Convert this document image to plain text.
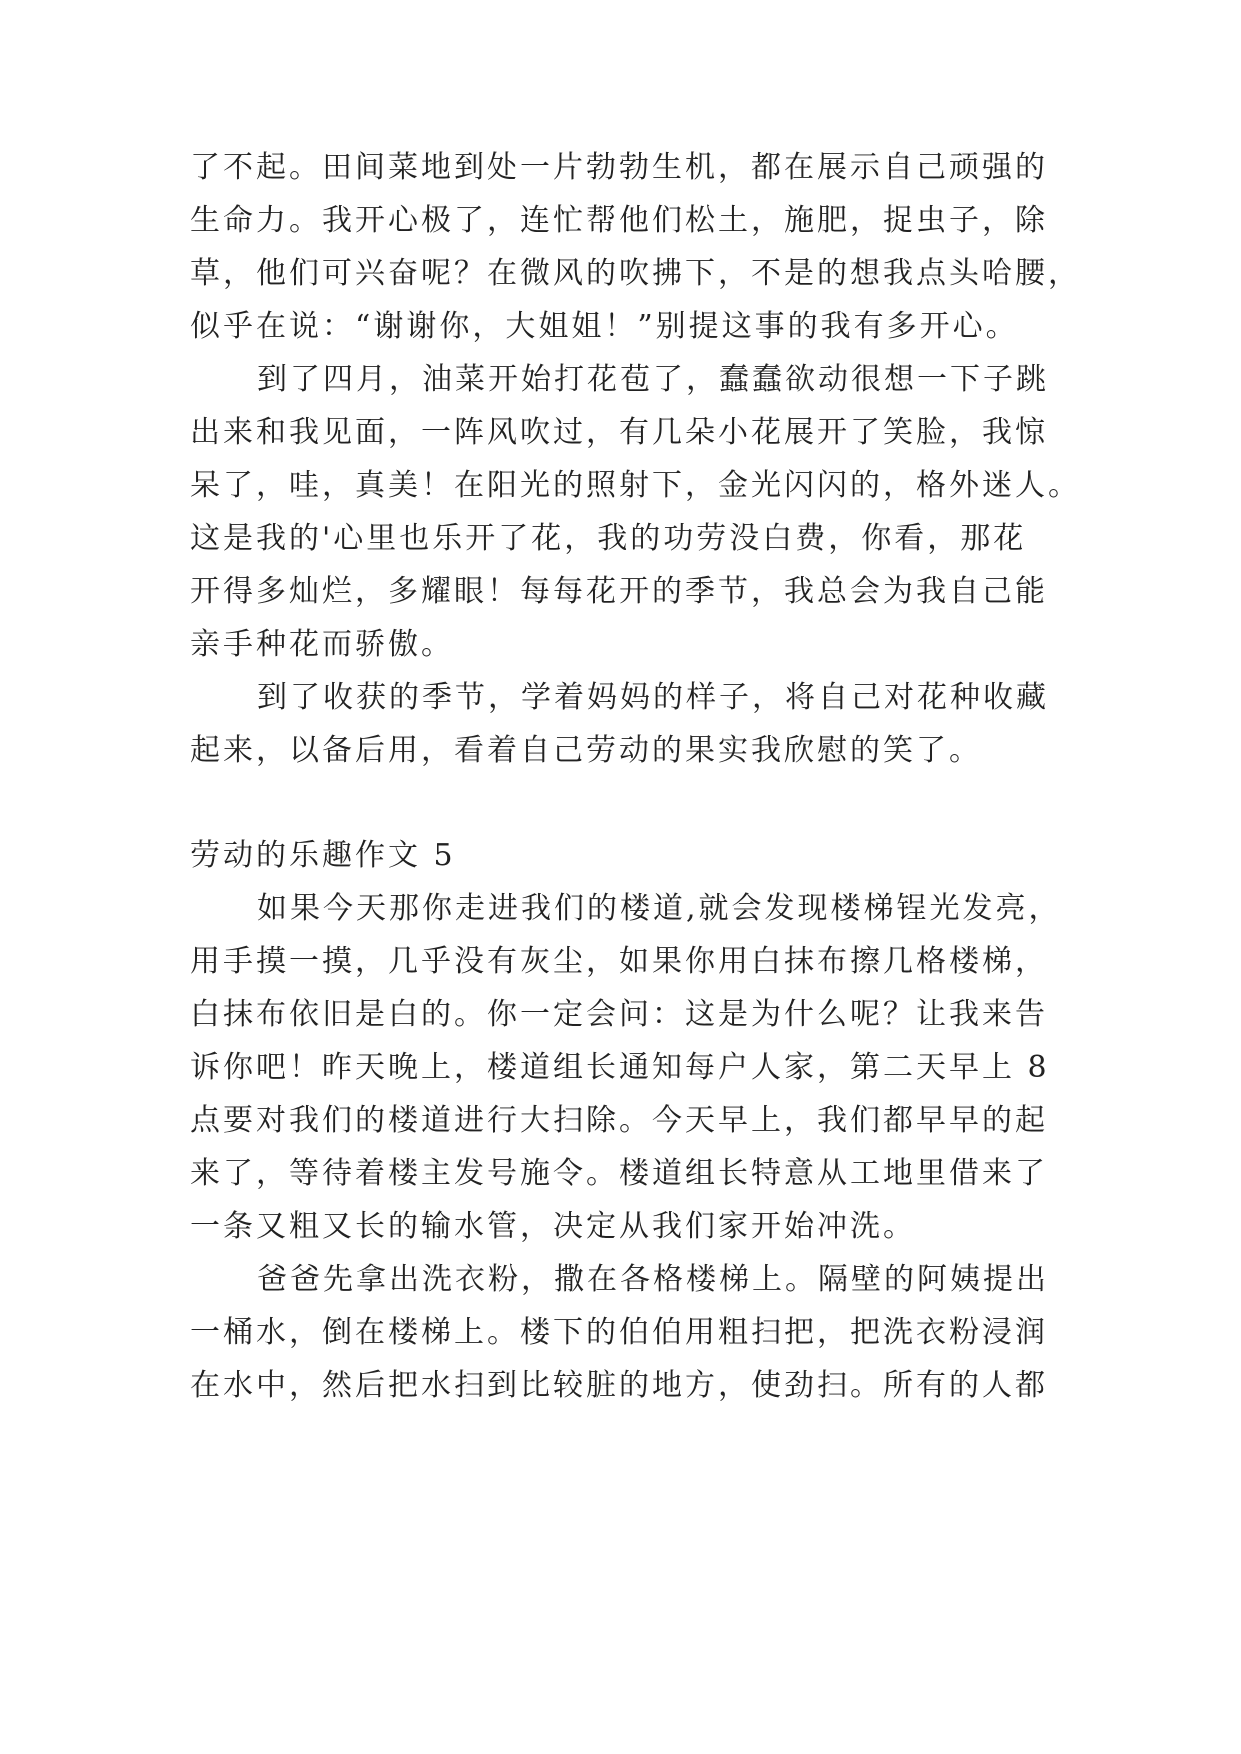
了不起。田间菜地到处一片勃勃生机，都在展示自己顽强的
生命力。我开心极了，连忙帮他们松土，施肥，捉虫子，除
草，他们可兴奋呢？在微风的吹拂下，不是的想我点头哈腰，
似乎在说：“谢谢你，大姐姐！”别提这事的我有多开心。
到了四月，油菜开始打花苞了，蠢蠢欲动很想一下子跳
出来和我见面，一阵风吹过，有几朵小花展开了笑脸，我惊
呆了，哇，真美！在阳光的照射下，金光闪闪的，格外迷人。
这是我的'心里也乐开了花，我的功劳没白费，你看，那花
开得多灿烂，多耀眼！每每花开的季节，我总会为我自己能
亲手种花而骄傲。
到了收获的季节，学着妈妈的样子，将自己对花种收藏
起来，以备后用，看着自己劳动的果实我欣慰的笑了。
劳动的乐趣作文 5
如果今天那你走进我们的楼道,就会发现楼梯锃光发亮，
用手摸一摸，几乎没有灰尘，如果你用白抹布擦几格楼梯，
白抹布依旧是白的。你一定会问：这是为什么呢？让我来告
诉你吧！昨天晚上，楼道组长通知每户人家，第二天早上 8
点要对我们的楼道进行大扫除。今天早上，我们都早早的起
来了，等待着楼主发号施令。楼道组长特意从工地里借来了
一条又粗又长的输水管，决定从我们家开始冲洗。
爸爸先拿出洗衣粉，撒在各格楼梯上。隔壁的阿姨提出
一桶水，倒在楼梯上。楼下的伯伯用粗扫把，把洗衣粉浸润
在水中，然后把水扫到比较脏的地方，使劲扫。所有的人都
